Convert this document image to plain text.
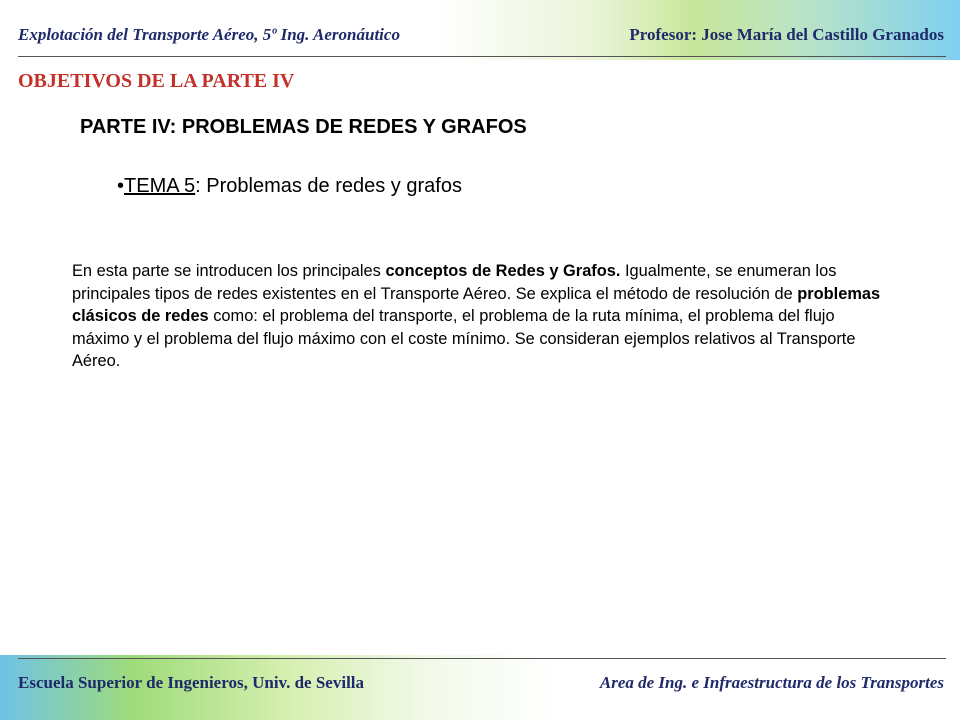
Explotación del Transporte Aéreo, 5º Ing. Aeronáutico	Profesor: Jose María del Castillo Granados
OBJETIVOS DE LA PARTE IV
PARTE IV: PROBLEMAS DE REDES Y GRAFOS
•TEMA 5: Problemas de redes y grafos
En esta parte se introducen los principales conceptos de Redes y Grafos. Igualmente, se enumeran los principales tipos de redes existentes en el Transporte Aéreo. Se explica el método de resolución de problemas clásicos de redes como: el problema del transporte, el problema de la ruta mínima, el problema del flujo máximo y el problema del flujo máximo con el coste mínimo. Se consideran ejemplos relativos al Transporte Aéreo.
Escuela Superior de Ingenieros, Univ. de Sevilla	Area de Ing. e Infraestructura de los Transportes
